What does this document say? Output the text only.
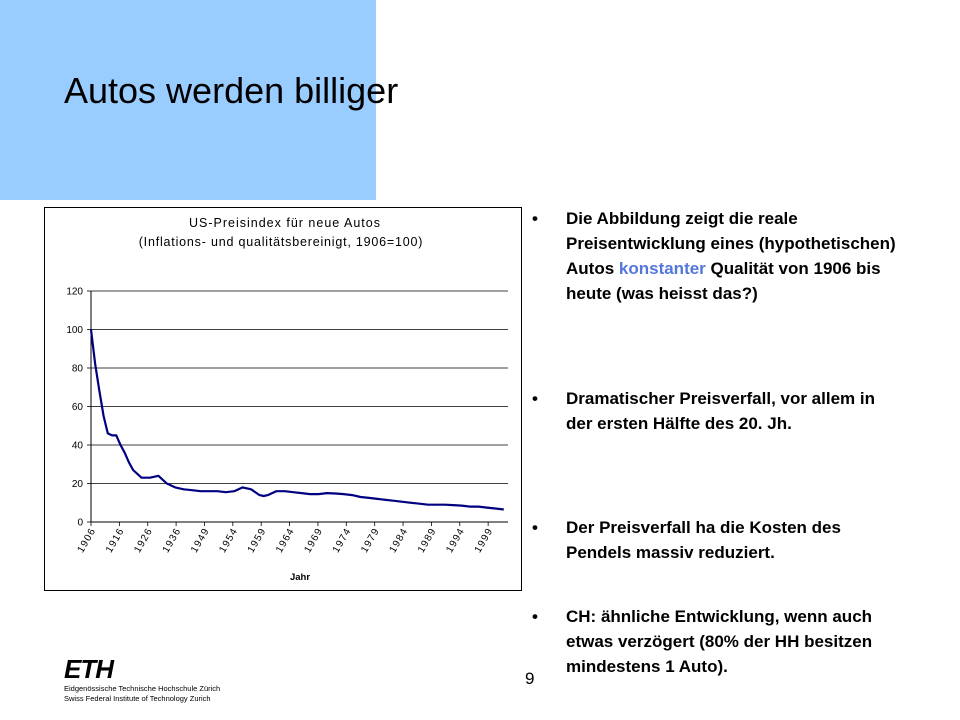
Autos werden billiger
US-Preisindex für neue Autos
(Inflations- und qualitätsbereinigt, 1906=100)
Jahr
0
20
40
60
80
100
120
1906 1916 1926 1936 1949 1954 1959 1964 1969 1974 1979 1984 1989 1994 1999
•	Die Abbildung zeigt die reale Preisentwicklung eines (hypothetischen) Autos konstanter Qualität von 1906 bis heute (was heisst das?)
•	Dramatischer Preisverfall, vor allem in der ersten Hälfte des 20. Jh.
•	Der Preisverfall ha die Kosten des Pendels massiv reduziert.
•	CH: ähnliche Entwicklung, wenn auch etwas verzögert (80% der HH besitzen mindestens 1 Auto).
ETH
Eidgenössische Technische Hochschule Zürich
Swiss Federal Institute of Technology Zurich
9
